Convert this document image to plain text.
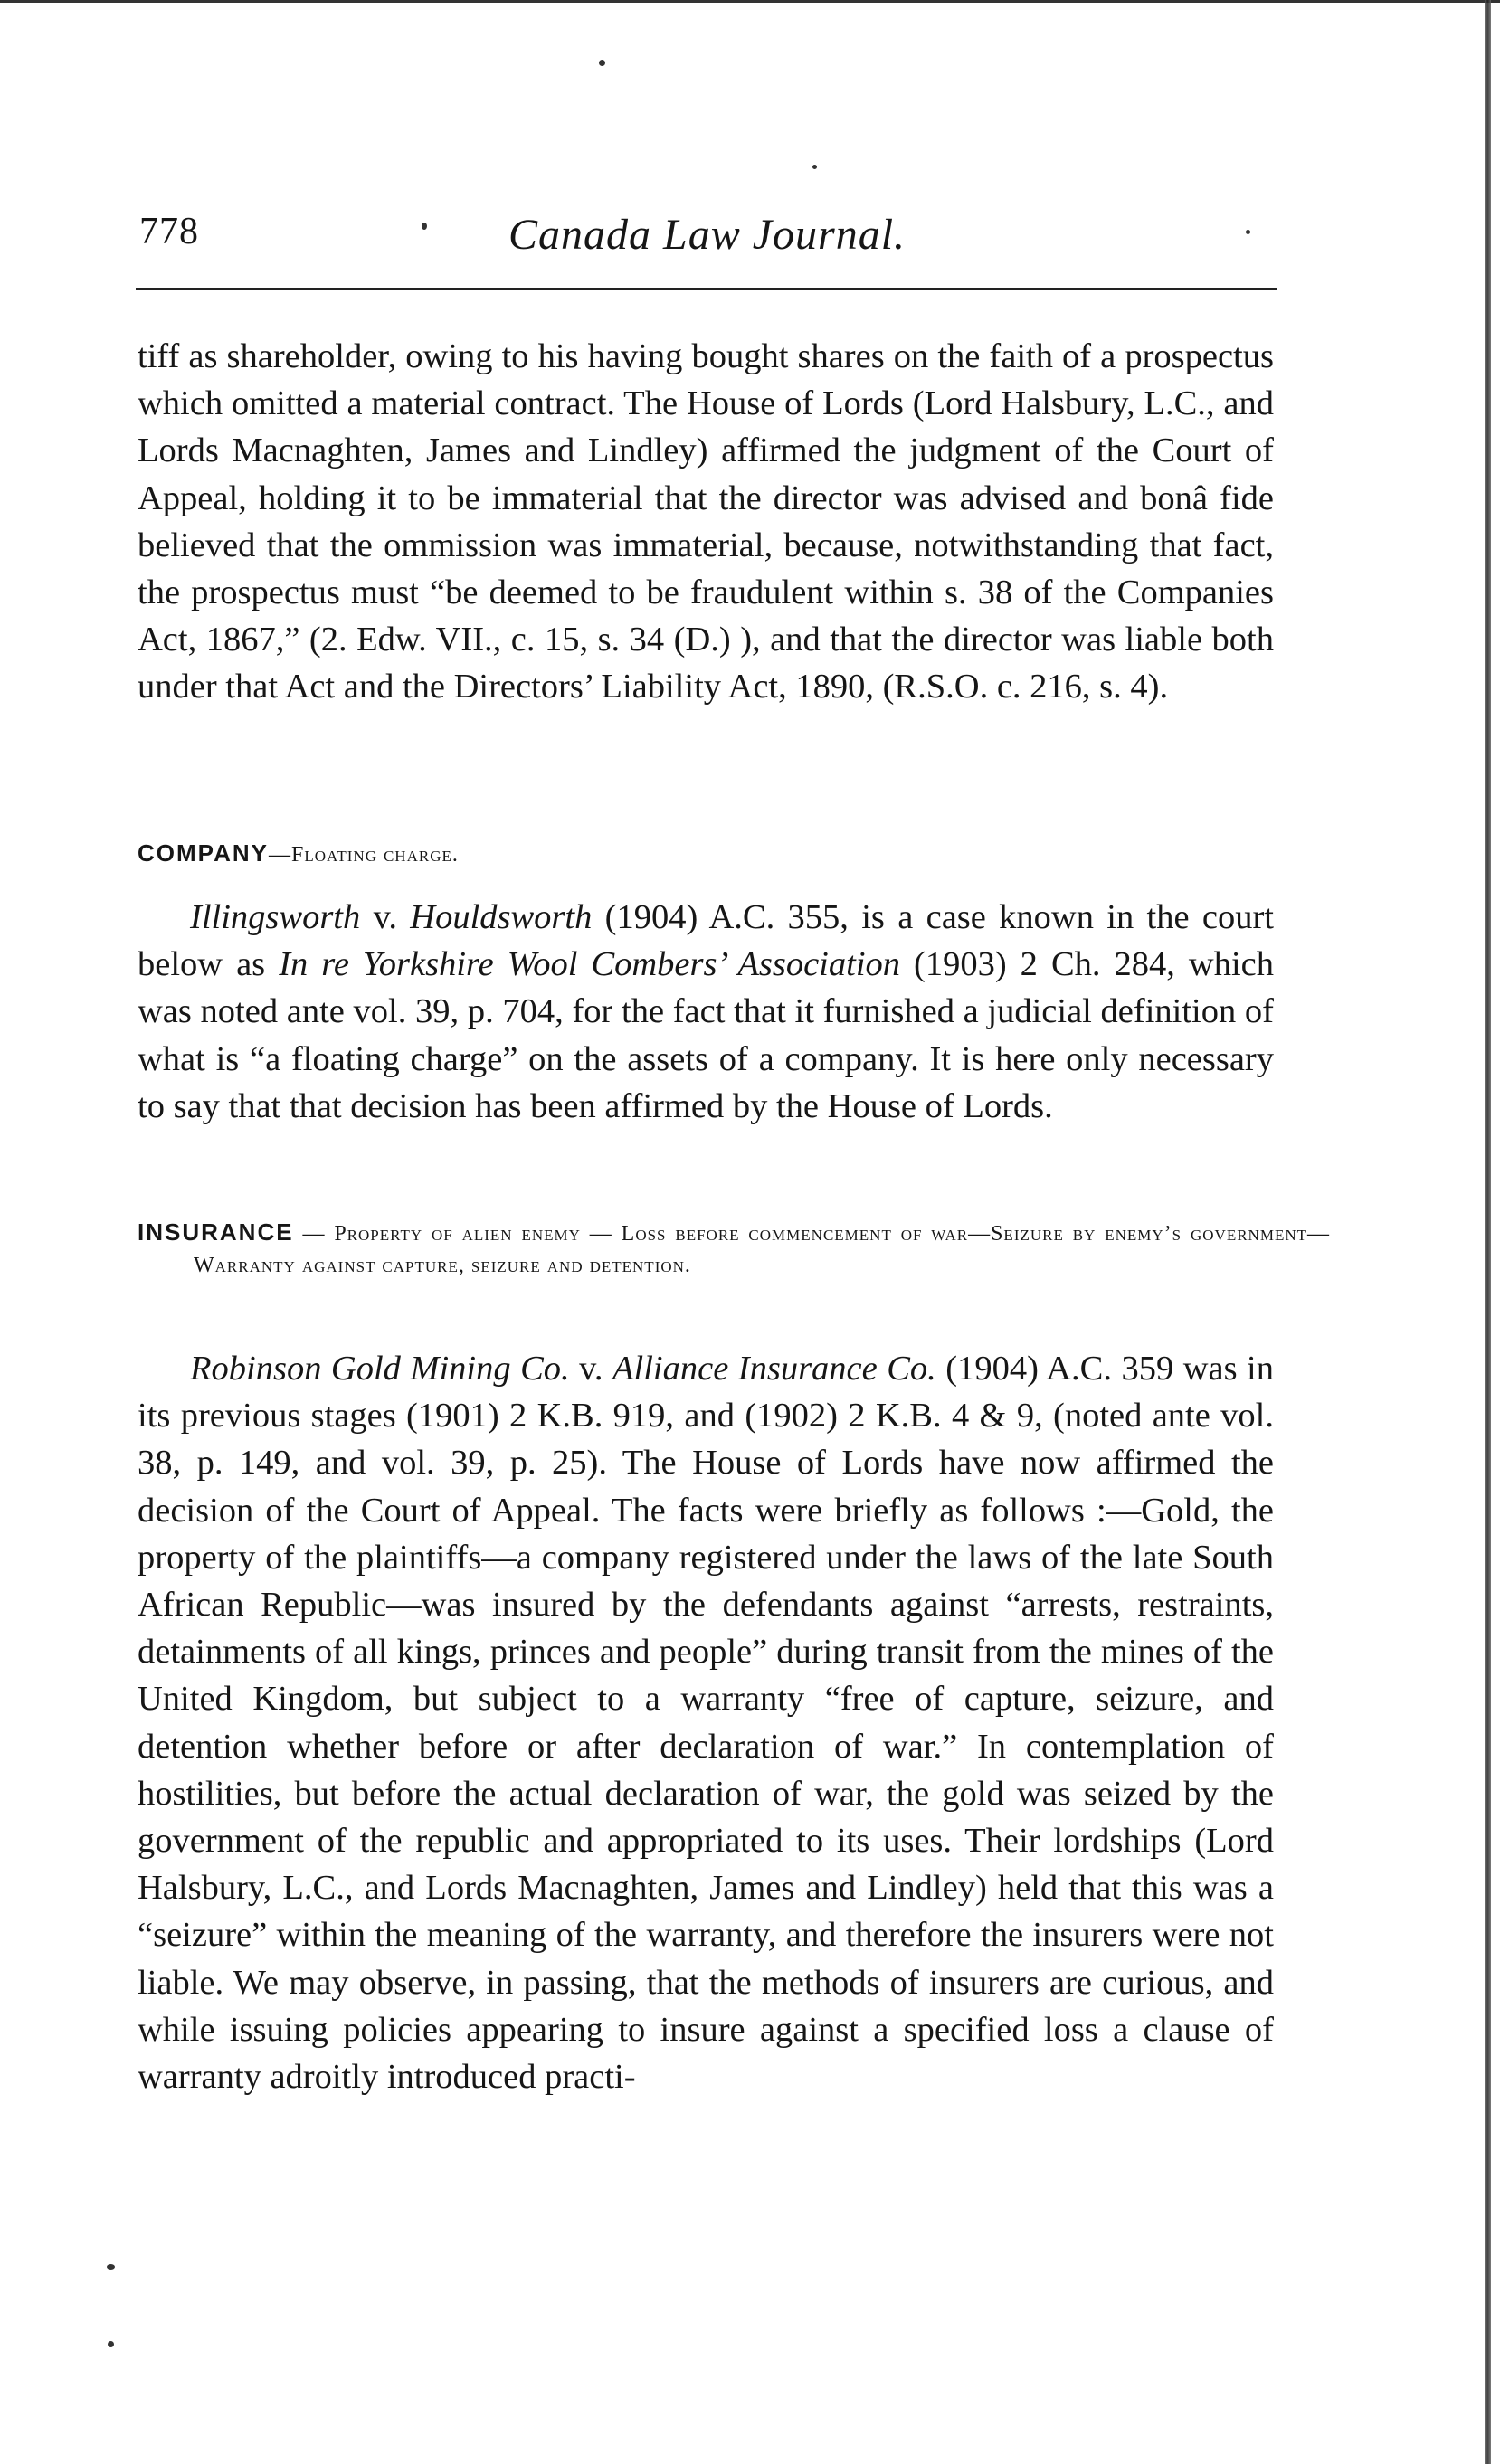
778	Canada Law Journal.

tiff as shareholder, owing to his having bought shares on the faith of a prospectus which omitted a material contract. The House of Lords (Lord Halsbury, L.C., and Lords Macnaghten, James and Lindley) affirmed the judgment of the Court of Appeal, holding it to be immaterial that the director was advised and bonâ fide believed that the ommission was immaterial, because, notwithstanding that fact, the prospectus must “be deemed to be fraudulent within s. 38 of the Companies Act, 1867,” (2. Edw. VII., c. 15, s. 34 (D.) ), and that the director was liable both under that Act and the Directors’ Liability Act, 1890, (R.S.O. c. 216, s. 4).

COMPANY—Floating charge.

Illingsworth v. Houldsworth (1904) A.C. 355, is a case known in the court below as In re Yorkshire Wool Combers’ Association (1903) 2 Ch. 284, which was noted ante vol. 39, p. 704, for the fact that it furnished a judicial definition of what is “a floating charge” on the assets of a company. It is here only necessary to say that that decision has been affirmed by the House of Lords.

INSURANCE — Property of alien enemy — Loss before commencement of war—Seizure by enemy’s government—Warranty against capture, seizure and detention.

Robinson Gold Mining Co. v. Alliance Insurance Co. (1904) A.C. 359 was in its previous stages (1901) 2 K.B. 919, and (1902) 2 K.B. 4 & 9, (noted ante vol. 38, p. 149, and vol. 39, p. 25). The House of Lords have now affirmed the decision of the Court of Appeal. The facts were briefly as follows :—Gold, the property of the plaintiffs—a company registered under the laws of the late South African Republic—was insured by the defendants against “arrests, restraints, detainments of all kings, princes and people” during transit from the mines of the United Kingdom, but subject to a warranty “free of capture, seizure, and detention whether before or after declaration of war.” In contemplation of hostilities, but before the actual declaration of war, the gold was seized by the government of the republic and appropriated to its uses. Their lordships (Lord Halsbury, L.C., and Lords Macnaghten, James and Lindley) held that this was a “seizure” within the meaning of the warranty, and therefore the insurers were not liable. We may observe, in passing, that the methods of insurers are curious, and while issuing policies appearing to insure against a specified loss a clause of warranty adroitly introduced practi-
